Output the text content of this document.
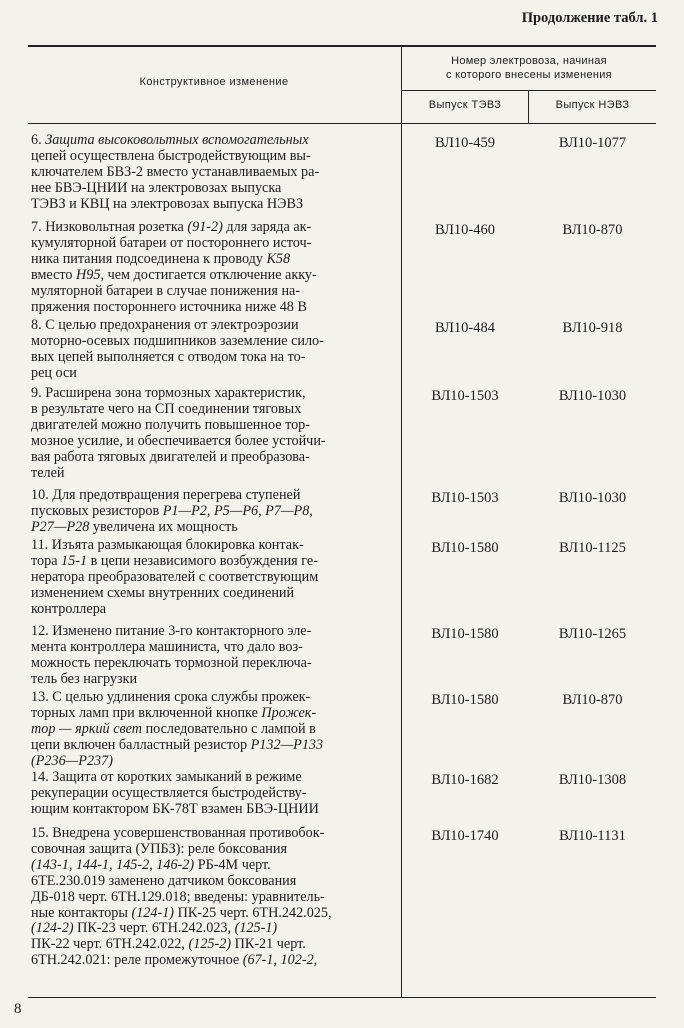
Продолжение табл. 1
Конструктивное изменение
Номер электровоза, начиная
с которого внесены изменения
Выпуск ТЭВЗ	Выпуск НЭВЗ
6. Защита высоковольтных вспомогательных
цепей осуществлена быстродействующим вы-
ключателем БВЗ-2 вместо устанавливаемых ра-
нее БВЭ-ЦНИИ на электровозах выпуска
ТЭВЗ и КВЦ на электровозах выпуска НЭВЗ
ВЛ10-459	ВЛ10-1077
7. Низковольтная розетка (91-2) для заряда ак-
кумуляторной батареи от постороннего источ-
ника питания подсоединена к проводу К58
вместо Н95, чем достигается отключение акку-
муляторной батареи в случае понижения на-
пряжения постороннего источника ниже 48 В
ВЛ10-460	ВЛ10-870
8. С целью предохранения от электроэрозии
моторно-осевых подшипников заземление сило-
вых цепей выполняется с отводом тока на то-
рец оси
ВЛ10-484	ВЛ10-918
9. Расширена зона тормозных характеристик,
в результате чего на СП соединении тяговых
двигателей можно получить повышенное тор-
мозное усилие, и обеспечивается более устойчи-
вая работа тяговых двигателей и преобразова-
телей
ВЛ10-1503	ВЛ10-1030
10. Для предотвращения перегрева ступеней
пусковых резисторов Р1—Р2, Р5—Р6, Р7—Р8,
Р27—Р28 увеличена их мощность
ВЛ10-1503	ВЛ10-1030
11. Изъята размыкающая блокировка контак-
тора 15-1 в цепи независимого возбуждения ге-
нератора преобразователей с соответствующим
изменением схемы внутренних соединений
контроллера
ВЛ10-1580	ВЛ10-1125
12. Изменено питание 3-го контакторного эле-
мента контроллера машиниста, что дало воз-
можность переключать тормозной переключа-
тель без нагрузки
ВЛ10-1580	ВЛ10-1265
13. С целью удлинения срока службы прожек-
торных ламп при включенной кнопке Прожек-
тор — яркий свет последовательно с лампой в
цепи включен балластный резистор Р132—Р133
(Р236—Р237)
ВЛ10-1580	ВЛ10-870
14. Защита от коротких замыканий в режиме
рекуперации осуществляется быстродейству-
ющим контактором БК-78Т взамен БВЭ-ЦНИИ
ВЛ10-1682	ВЛ10-1308
15. Внедрена усовершенствованная противобок-
совочная защита (УПБЗ): реле боксования
(143-1, 144-1, 145-2, 146-2) РБ-4М черт.
6ТЕ.230.019 заменено датчиком боксования
ДБ-018 черт. 6ТН.129.018; введены: уравнитель-
ные контакторы (124-1) ПК-25 черт. 6ТН.242.025,
(124-2) ПК-23 черт. 6ТН.242.023, (125-1)
ПК-22 черт. 6ТН.242.022, (125-2) ПК-21 черт.
6ТН.242.021: реле промежуточное (67-1, 102-2,
ВЛ10-1740	ВЛ10-1131
8
